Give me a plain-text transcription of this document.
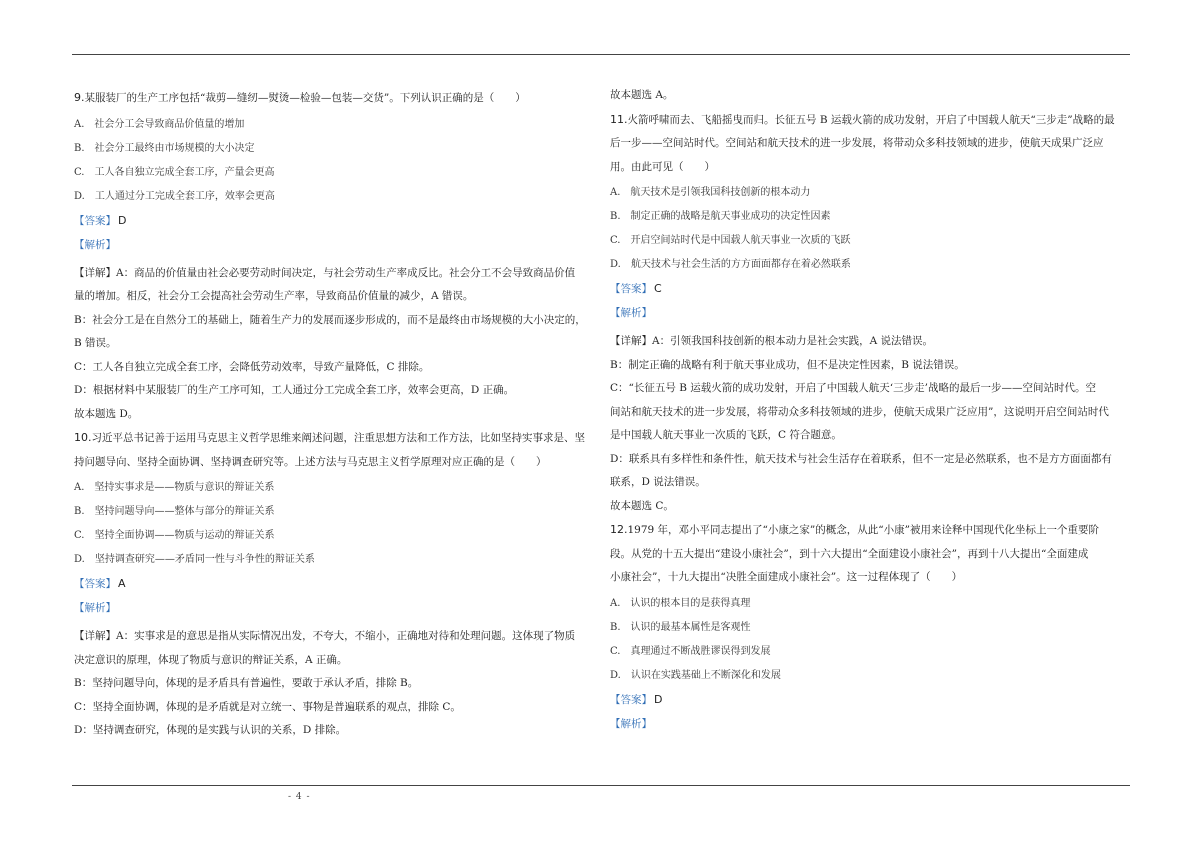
9.某服装厂的生产工序包括“裁剪—缝纫—熨烫—检验—包装—交货”。下列认识正确的是（　　）
A.　社会分工会导致商品价值量的增加
B.　社会分工最终由市场规模的大小决定
C.　工人各自独立完成全套工序，产量会更高
D.　工人通过分工完成全套工序，效率会更高
【答案】 D
【解析】
【详解】A：商品的价值量由社会必要劳动时间决定，与社会劳动生产率成反比。社会分工不会导致商品价值
量的增加。相反，社会分工会提高社会劳动生产率，导致商品价值量的减少，A 错误。
B：社会分工是在自然分工的基础上，随着生产力的发展而逐步形成的，而不是最终由市场规模的大小决定的，
B 错误。
C：工人各自独立完成全套工序，会降低劳动效率，导致产量降低，C 排除。
D：根据材料中某服装厂的生产工序可知，工人通过分工完成全套工序，效率会更高，D 正确。
故本题选 D。
10.习近平总书记善于运用马克思主义哲学思维来阐述问题，注重思想方法和工作方法，比如坚持实事求是、坚
持问题导向、坚持全面协调、坚持调查研究等。上述方法与马克思主义哲学原理对应正确的是（　　）
A.　坚持实事求是——物质与意识的辩证关系
B.　坚持问题导向——整体与部分的辩证关系
C.　坚持全面协调——物质与运动的辩证关系
D.　坚持调查研究——矛盾同一性与斗争性的辩证关系
【答案】 A
【解析】
【详解】A：实事求是的意思是指从实际情况出发，不夸大，不缩小，正确地对待和处理问题。这体现了物质
决定意识的原理，体现了物质与意识的辩证关系，A 正确。
B：坚持问题导向，体现的是矛盾具有普遍性，要敢于承认矛盾，排除 B。
C：坚持全面协调，体现的是矛盾就是对立统一、事物是普遍联系的观点，排除 C。
D：坚持调查研究，体现的是实践与认识的关系，D 排除。
故本题选 A。
11.火箭呼啸而去、飞船摇曳而归。长征五号 B 运载火箭的成功发射，开启了中国载人航天“三步走”战略的最
后一步——空间站时代。空间站和航天技术的进一步发展，将带动众多科技领域的进步，使航天成果广泛应
用。由此可见（　　）
A.　航天技术是引领我国科技创新的根本动力
B.　制定正确的战略是航天事业成功的决定性因素
C.　开启空间站时代是中国载人航天事业一次质的飞跃
D.　航天技术与社会生活的方方面面都存在着必然联系
【答案】 C
【解析】
【详解】A：引领我国科技创新的根本动力是社会实践，A 说法错误。
B：制定正确的战略有利于航天事业成功，但不是决定性因素，B 说法错误。
C：“长征五号 B 运载火箭的成功发射，开启了中国载人航天‘三步走’战略的最后一步——空间站时代。空
间站和航天技术的进一步发展，将带动众多科技领域的进步，使航天成果广泛应用”，这说明开启空间站时代
是中国载人航天事业一次质的飞跃，C 符合题意。
D：联系具有多样性和条件性，航天技术与社会生活存在着联系，但不一定是必然联系，也不是方方面面都有
联系，D 说法错误。
故本题选 C。
12.1979 年，邓小平同志提出了“小康之家”的概念，从此“小康”被用来诠释中国现代化坐标上一个重要阶
段。从党的十五大提出“建设小康社会”，到十六大提出“全面建设小康社会”，再到十八大提出“全面建成
小康社会”，十九大提出“决胜全面建成小康社会”。这一过程体现了（　　）
A.　认识的根本目的是获得真理
B.　认识的最基本属性是客观性
C.　真理通过不断战胜谬误得到发展
D.　认识在实践基础上不断深化和发展
【答案】 D
【解析】
- 4 -
